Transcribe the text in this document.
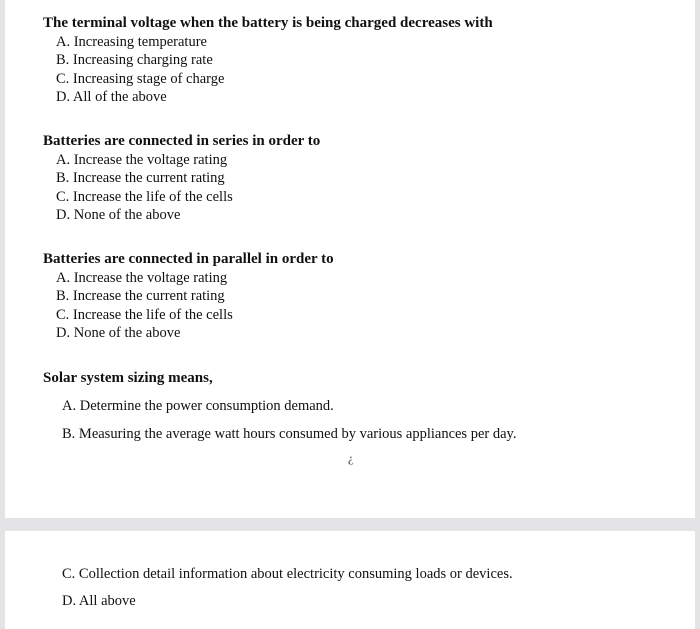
The terminal voltage when the battery is being charged decreases with
A. Increasing temperature
B. Increasing charging rate
C. Increasing stage of charge
D. All of the above
Batteries are connected in series in order to
A. Increase the voltage rating
B. Increase the current rating
C. Increase the life of the cells
D. None of the above
Batteries are connected in parallel in order to
A. Increase the voltage rating
B. Increase the current rating
C. Increase the life of the cells
D. None of the above
Solar system sizing means,
A. Determine the power consumption demand.
B. Measuring the average watt hours consumed by various appliances per day.
¿
C. Collection detail information about electricity consuming loads or devices.
D. All above
